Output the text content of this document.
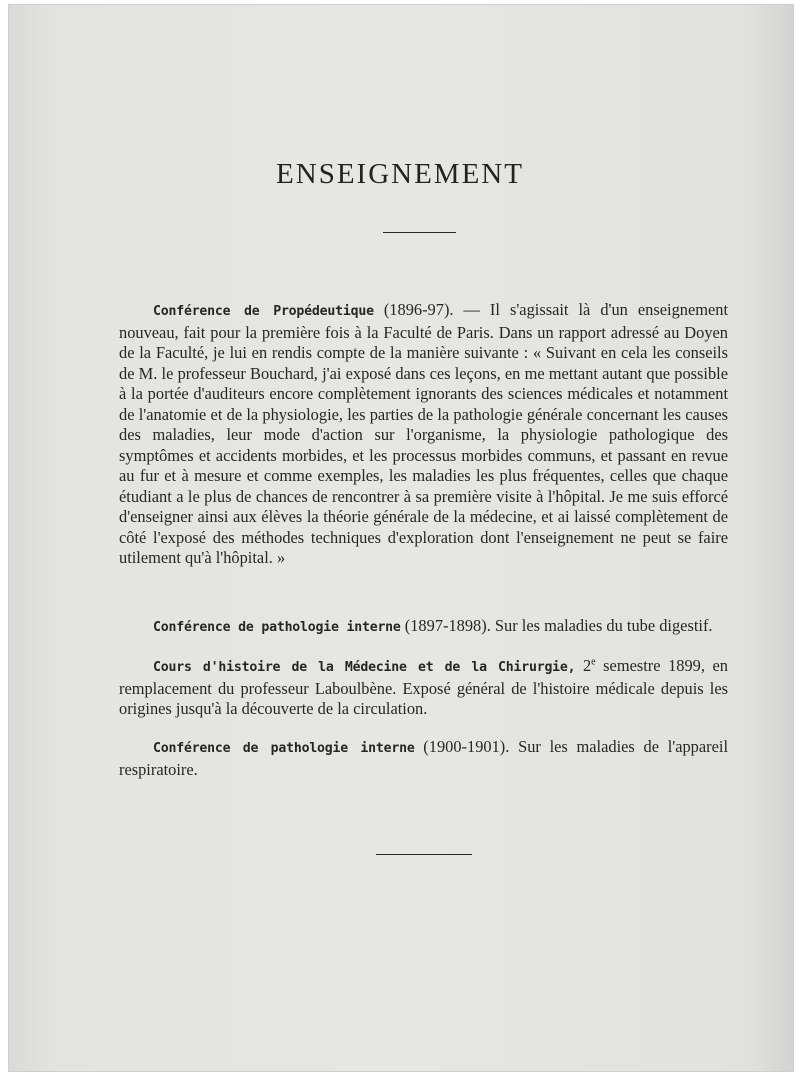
ENSEIGNEMENT

Conférence de Propédeutique (1896-97). — Il s'agissait là d'un enseignement nouveau, fait pour la première fois à la Faculté de Paris. Dans un rapport adressé au Doyen de la Faculté, je lui en rendis compte de la manière suivante : « Suivant en cela les conseils de M. le professeur Bouchard, j'ai exposé dans ces leçons, en me mettant autant que possible à la portée d'auditeurs encore complètement ignorants des sciences médicales et notamment de l'anatomie et de la physiologie, les parties de la pathologie générale concernant les causes des maladies, leur mode d'action sur l'organisme, la physiologie pathologique des symptômes et accidents morbides, et les processus morbides communs, et passant en revue au fur et à mesure et comme exemples, les maladies les plus fréquentes, celles que chaque étudiant a le plus de chances de rencontrer à sa première visite à l'hôpital. Je me suis efforcé d'enseigner ainsi aux élèves la théorie générale de la médecine, et ai laissé complètement de côté l'exposé des méthodes techniques d'exploration dont l'enseignement ne peut se faire utilement qu'à l'hôpital. »

Conférence de pathologie interne (1897-1898). Sur les maladies du tube digestif.

Cours d'histoire de la Médecine et de la Chirurgie, 2e semestre 1899, en remplacement du professeur Laboulbène. Exposé général de l'histoire médicale depuis les origines jusqu'à la découverte de la circulation.

Conférence de pathologie interne (1900-1901). Sur les maladies de l'appareil respiratoire.
